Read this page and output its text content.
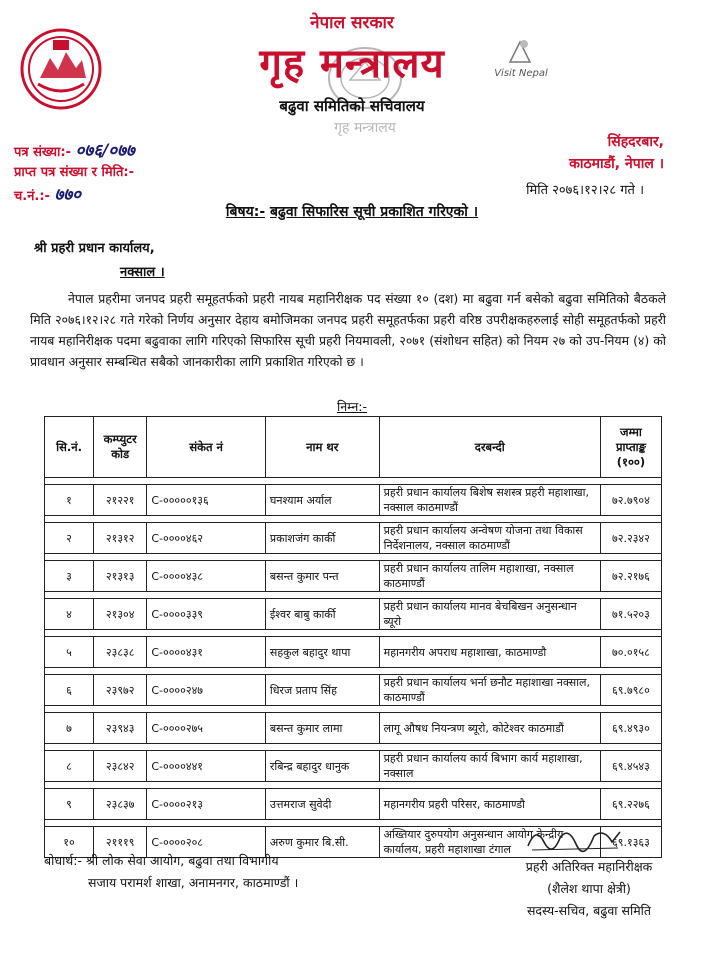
नेपाल सरकार
गृह मन्त्रालय
गृह मन्त्रालय
बढुवा समितिको सचिवालय
Visit Nepal
पत्र संख्या:- ०७६/०७७
प्राप्त पत्र संख्या र मिति:-
च.नं.:- ७७०
सिंहदरबार,
काठमाडौं, नेपाल ।
मिति २०७६।१२।२८ गते ।
बिषय:- बढुवा सिफारिस सूची प्रकाशित गरिएको ।
श्री प्रहरी प्रधान कार्यालय,
नक्साल ।
नेपाल प्रहरीमा जनपद प्रहरी समूहतर्फको प्रहरी नायब महानिरीक्षक पद संख्या १० (दश) मा बढुवा गर्न बसेको बढुवा समितिको बैठकले मिति २०७६।१२।२८ गते गरेको निर्णय अनुसार देहाय बमोजिमका जनपद प्रहरी समूहतर्फका प्रहरी वरिष्ठ उपरीक्षकहरुलाई सोही समूहतर्फको प्रहरी नायब महानिरीक्षक पदमा बढुवाका लागि गरिएको सिफारिस सूची प्रहरी नियमावली, २०७१ (संशोधन सहित) को नियम २७ को उप-नियम (४) को प्रावधान अनुसार सम्बन्धित सबैको जानकारीका लागि प्रकाशित गरिएको छ ।
निम्न:-
सि.नं.	कम्प्युटर कोड	संकेत नं	नाम थर	दरबन्दी	जम्मा प्राप्ताङ्क (१००)

१	२१२२१	C-०००००१३६	घनश्याम अर्याल	प्रहरी प्रधान कार्यालय बिशेष सशस्त्र प्रहरी महाशाखा, नक्साल काठमाण्डौं	७२.७९०४

२	२१३१२	C-००००४६२	प्रकाशजंग कार्की	प्रहरी प्रधान कार्यालय अन्वेषण योजना तथा विकास निर्देशनालय, नक्साल काठमाण्डौं	७२.२३४२

३	२१३१३	C-००००४३८	बसन्त कुमार पन्त	प्रहरी प्रधान कार्यालय तालिम महाशाखा, नक्साल काठमाण्डौं	७२.२१७६

४	२१३०४	C-००००३३९	ईश्वर बाबु कार्की	प्रहरी प्रधान कार्यालय मानव बेचबिखन अनुसन्धान ब्यूरो	७१.५२०३

५	२३८३८	C-००००४३१	सहकुल बहादुर थापा	महानगरीय अपराध महाशाखा, काठमाण्डौ	७०.०१५८

६	२३९७२	C-००००२४७	धिरज प्रताप सिंह	प्रहरी प्रधान कार्यालय भर्ना छनौट महाशाखा नक्साल, काठमाण्डौं	६९.७९८०

७	२३९४३	C-००००२७५	बसन्त कुमार लामा	लागू औषध नियन्त्रण ब्यूरो, कोटेश्वर काठमाडौं	६९.४९३०

८	२३८४२	C-००००४४१	रबिन्द्र बहादुर धानुक	प्रहरी प्रधान कार्यालय कार्य बिभाग कार्य महाशाखा, नक्साल	६९.४५४३

९	२३८३७	C-००००२१३	उत्तमराज सुवेदी	महानगरीय प्रहरी परिसर, काठमाण्डौ	६९.२२७६

१०	२१११९	C-००००२०८	अरुण कुमार बि.सी.	अख्तियार दुरुपयोग अनुसन्धान आयोग केन्द्रीय कार्यालय, प्रहरी महाशाखा टंगाल	६९.१३६३
बोधार्थ:- श्री लोक सेवा आयोग, बढुवा तथा विभागीय
सजाय परामर्श शाखा, अनामनगर, काठमाण्डौं ।
प्रहरी अतिरिक्त महानिरीक्षक
(शैलेश थापा क्षेत्री)
सदस्य-सचिव, बढुवा समिति
